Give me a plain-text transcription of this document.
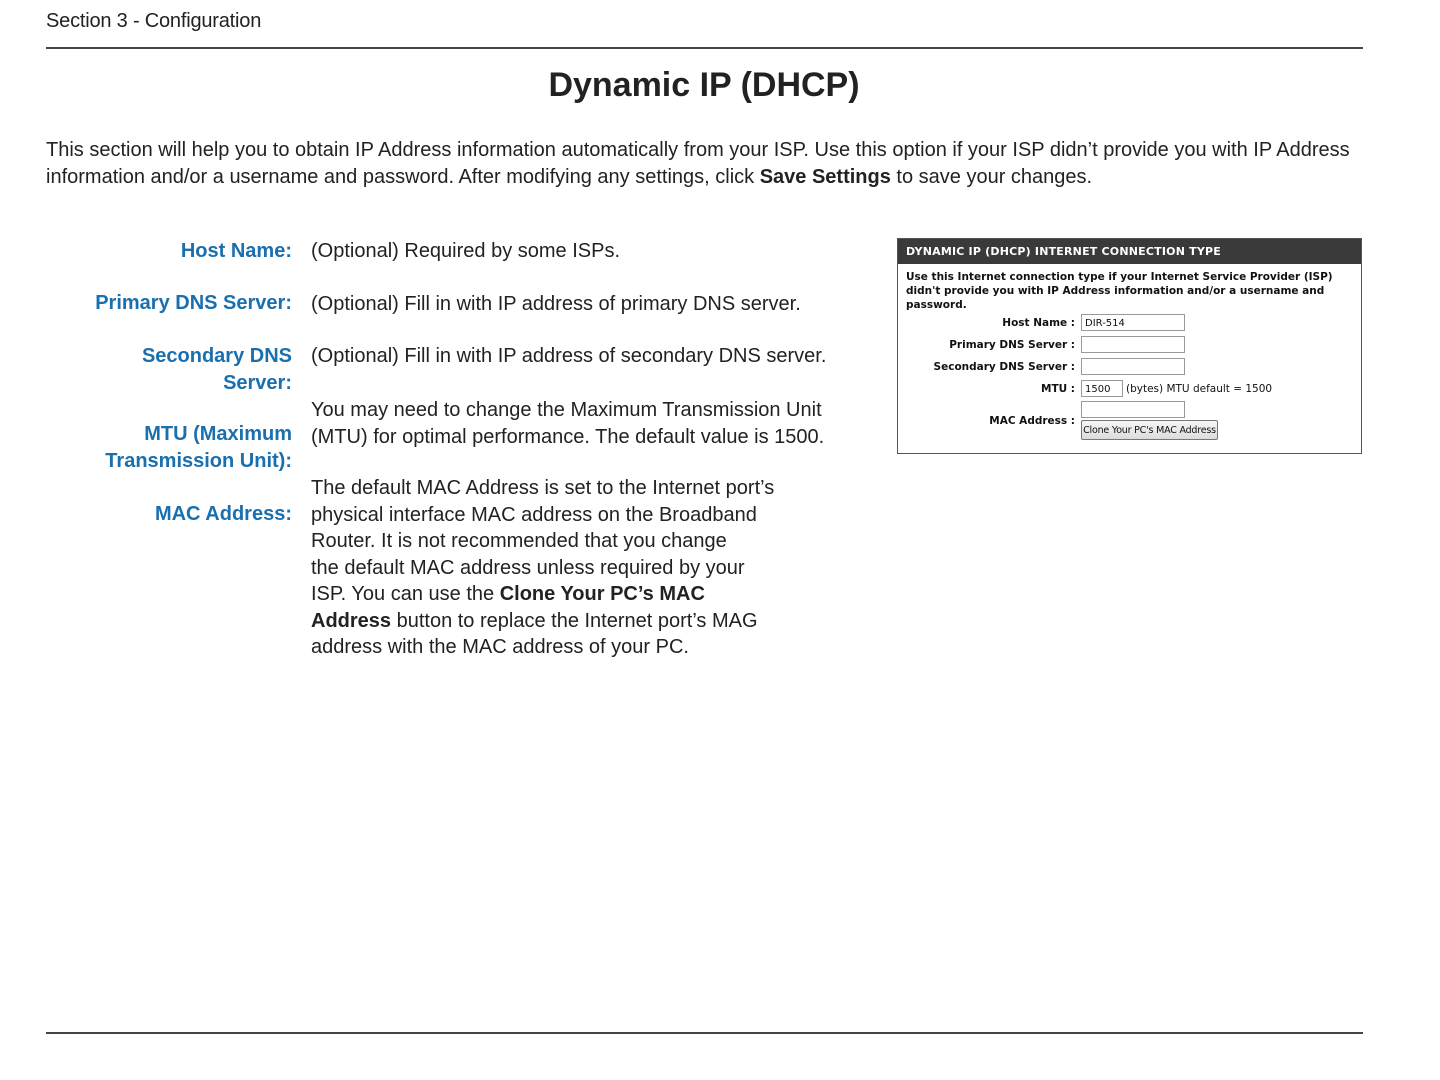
Section 3 - Configuration
Dynamic IP (DHCP)
This section will help you to obtain IP Address information automatically from your ISP. Use this option if your ISP didn’t provide you with IP Address information and/or a username and password. After modifying any settings, click Save Settings to save your changes.
Host Name: (Optional) Required by some ISPs.
Primary DNS Server: (Optional) Fill in with IP address of primary DNS server.
Secondary DNS
Server:
(Optional) Fill in with IP address of secondary DNS server.
MTU (Maximum
Transmission Unit):
You may need to change the Maximum Transmission Unit
(MTU) for optimal performance. The default value is 1500.
MAC Address:
The default MAC Address is set to the Internet port’s
physical interface MAC address on the Broadband
Router. It is not recommended that you change
the default MAC address unless required by your
ISP. You can use the Clone Your PC’s MAC
Address button to replace the Internet port’s MAG
address with the MAC address of your PC.
DYNAMIC IP (DHCP) INTERNET CONNECTION TYPE
Use this Internet connection type if your Internet Service Provider (ISP) didn't provide you with IP Address information and/or a username and password.
Host Name :	DIR-514
Primary DNS Server :
Secondary DNS Server :
MTU :	1500	(bytes) MTU default = 1500
MAC Address :
Clone Your PC's MAC Address
